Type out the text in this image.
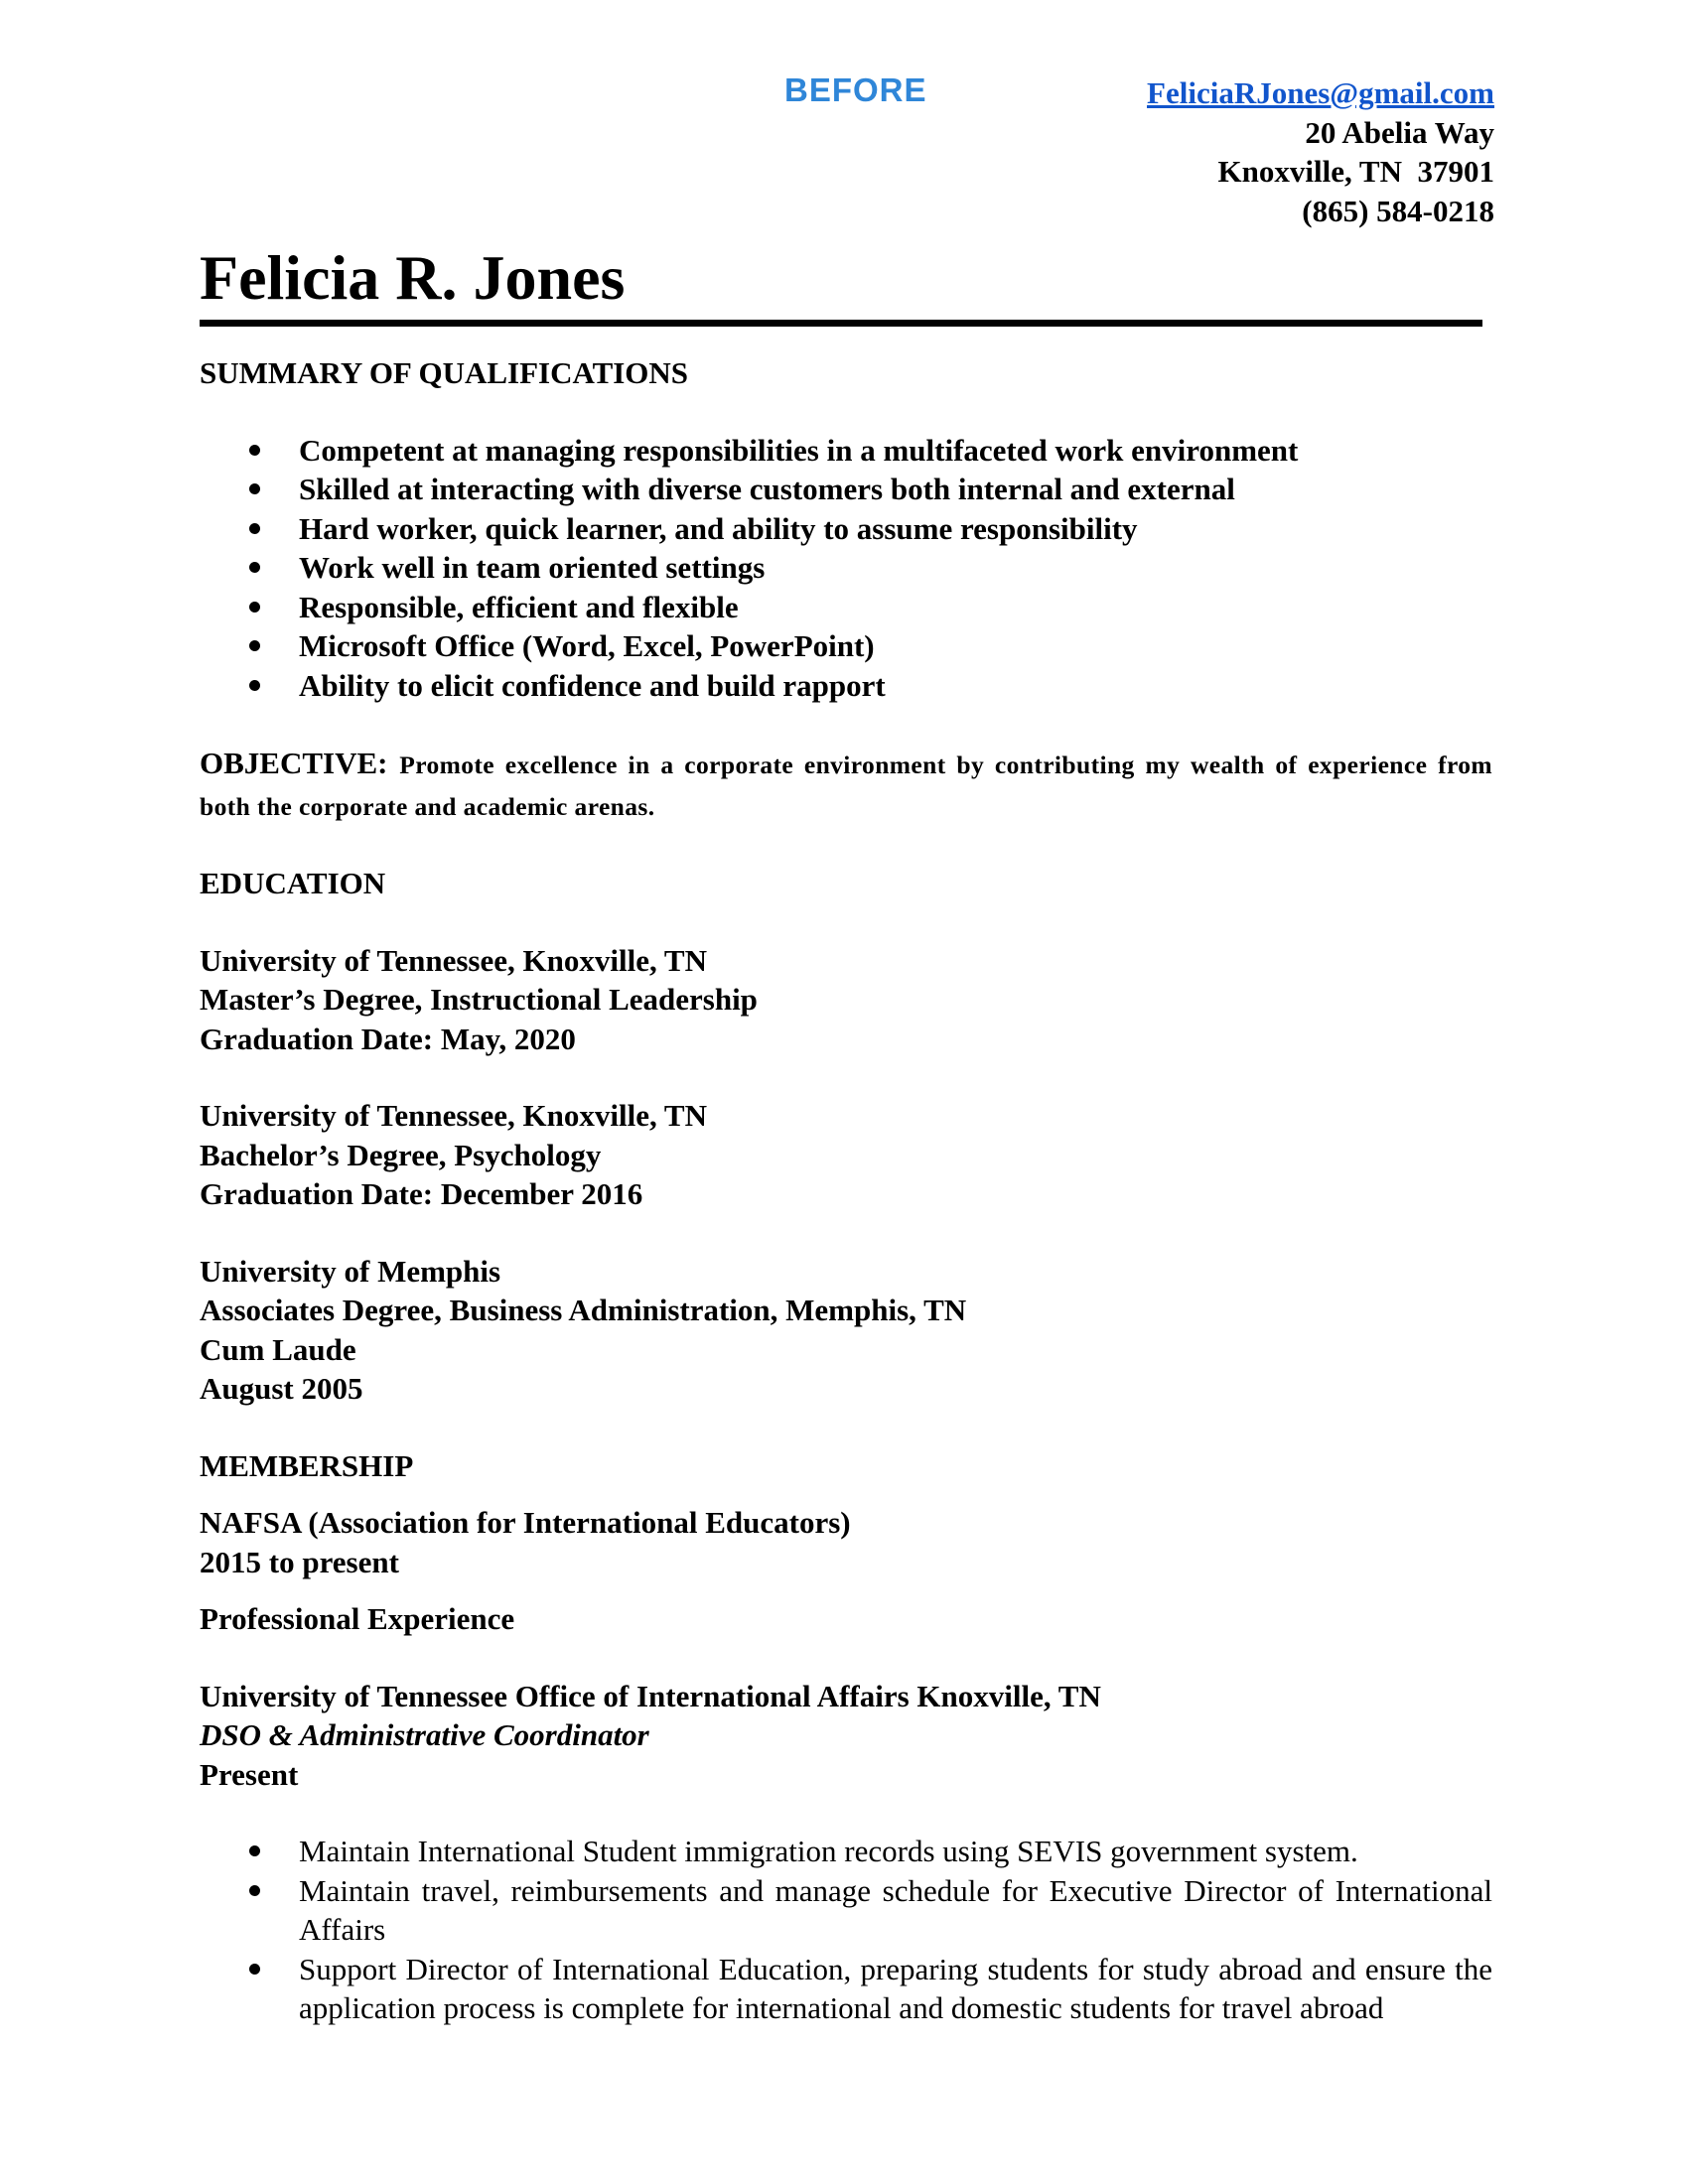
BEFORE	FeliciaRJones@gmail.com
20 Abelia Way
Knoxville, TN  37901
(865) 584-0218
Felicia R. Jones
SUMMARY OF QUALIFICATIONS
Competent at managing responsibilities in a multifaceted work environment
Skilled at interacting with diverse customers both internal and external
Hard worker, quick learner, and ability to assume responsibility
Work well in team oriented settings
Responsible, efficient and flexible
Microsoft Office (Word, Excel, PowerPoint)
Ability to elicit confidence and build rapport
OBJECTIVE: Promote excellence in a corporate environment by contributing my wealth of experience from both the corporate and academic arenas.
EDUCATION
University of Tennessee, Knoxville, TN
Master’s Degree, Instructional Leadership
Graduation Date: May, 2020
University of Tennessee, Knoxville, TN
Bachelor’s Degree, Psychology
Graduation Date: December 2016
University of Memphis
Associates Degree, Business Administration, Memphis, TN
Cum Laude
August 2005
MEMBERSHIP
NAFSA (Association for International Educators)
2015 to present
Professional Experience
University of Tennessee Office of International Affairs Knoxville, TN
DSO & Administrative Coordinator
Present
Maintain International Student immigration records using SEVIS government system.
Maintain travel, reimbursements and manage schedule for Executive Director of International Affairs
Support Director of International Education, preparing students for study abroad and ensure the application process is complete for international and domestic students for travel abroad
